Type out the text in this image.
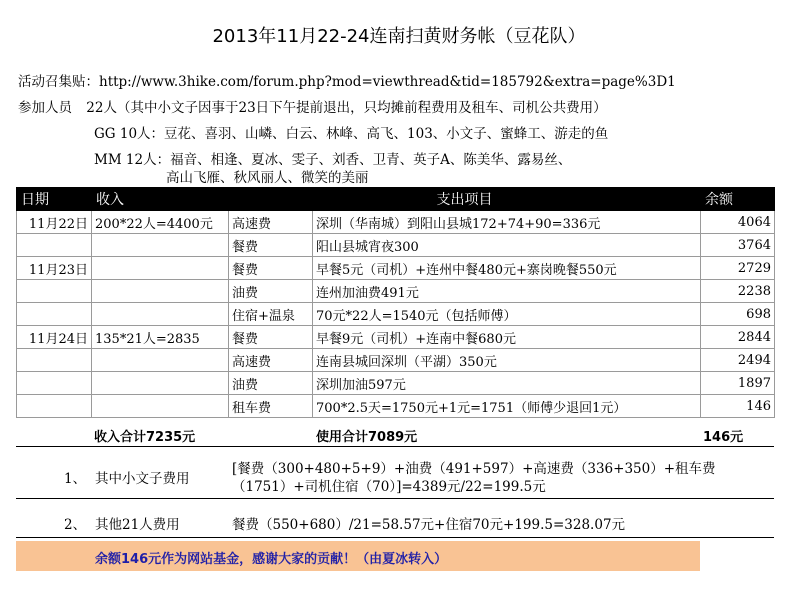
2013年11月22-24连南扫黄财务帐（豆花队）
活动召集贴：http://www.3hike.com/forum.php?mod=viewthread&tid=185792&extra=page%3D1
参加人员 22人（其中小文子因事于23日下午提前退出，只均摊前程费用及租车、司机公共费用）
GG 10人：豆花、喜羽、山嶙、白云、林峰、高飞、103、小文子、蜜蜂工、游走的鱼
MM 12人：福音、相逢、夏冰、雯子、刘香、卫青、英子A、陈美华、露易丝、
高山飞雁、秋风丽人、微笑的美丽
日期	收入	支出项目		余额
11月22日	200*22人=4400元	高速费	深圳（华南城）到阳山县城172+74+90=336元	4064
		餐费	阳山县城宵夜300	3764
11月23日		餐费	早餐5元（司机）+连州中餐480元+寨岗晚餐550元	2729
		油费	连州加油费491元	2238
		住宿+温泉	70元*22人=1540元（包括师傅）	698
11月24日	135*21人=2835	餐费	早餐9元（司机）+连南中餐680元	2844
		高速费	连南县城回深圳（平湖）350元	2494
		油费	深圳加油597元	1897
		租车费	700*2.5天=1750元+1元=1751（师傅少退回1元）	146
收入合计7235元	使用合计7089元	146元
1、 其中小文子费用
[餐费（300+480+5+9）+油费（491+597）+高速费（336+350）+租车费
（1751）+司机住宿（70）]=4389元/22=199.5元
2、 其他21人费用	餐费（550+680）/21=58.57元+住宿70元+199.5=328.07元
余额146元作为网站基金，感谢大家的贡献！（由夏冰转入）
